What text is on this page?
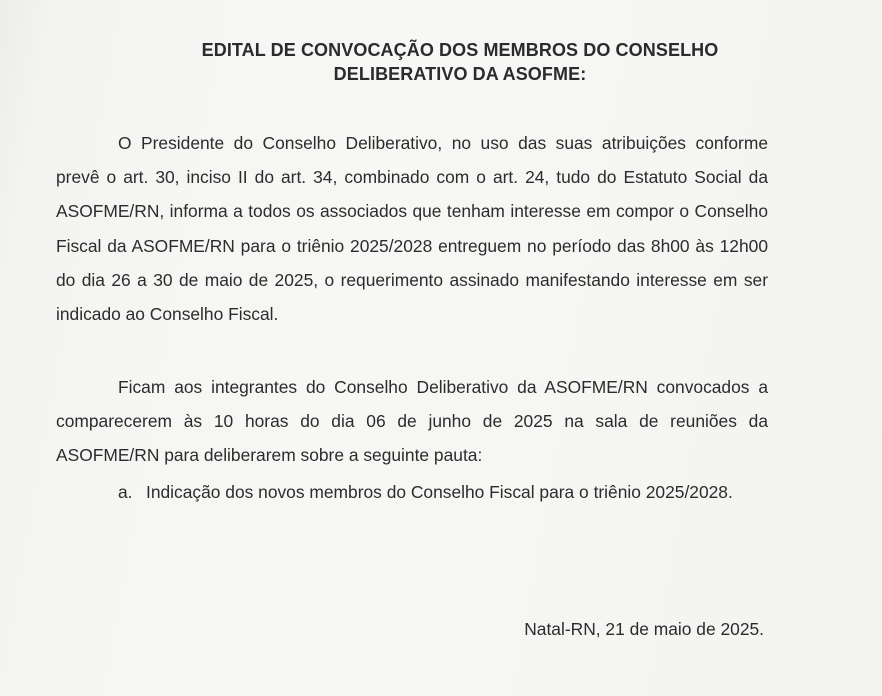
EDITAL DE CONVOCAÇÃO DOS MEMBROS DO CONSELHO
DELIBERATIVO DA ASOFME:
O Presidente do Conselho Deliberativo, no uso das suas atribuições conforme prevê o art. 30, inciso II do art. 34, combinado com o art. 24, tudo do Estatuto Social da ASOFME/RN, informa a todos os associados que tenham interesse em compor o Conselho Fiscal da ASOFME/RN para o triênio 2025/2028 entreguem no período das 8h00 às 12h00 do dia 26 a 30 de maio de 2025, o requerimento assinado manifestando interesse em ser indicado ao Conselho Fiscal.
Ficam aos integrantes do Conselho Deliberativo da ASOFME/RN convocados a comparecerem às 10 horas do dia 06 de junho de 2025 na sala de reuniões da ASOFME/RN para deliberarem sobre a seguinte pauta:
a. Indicação dos novos membros do Conselho Fiscal para o triênio 2025/2028.
Natal-RN, 21 de maio de 2025.
